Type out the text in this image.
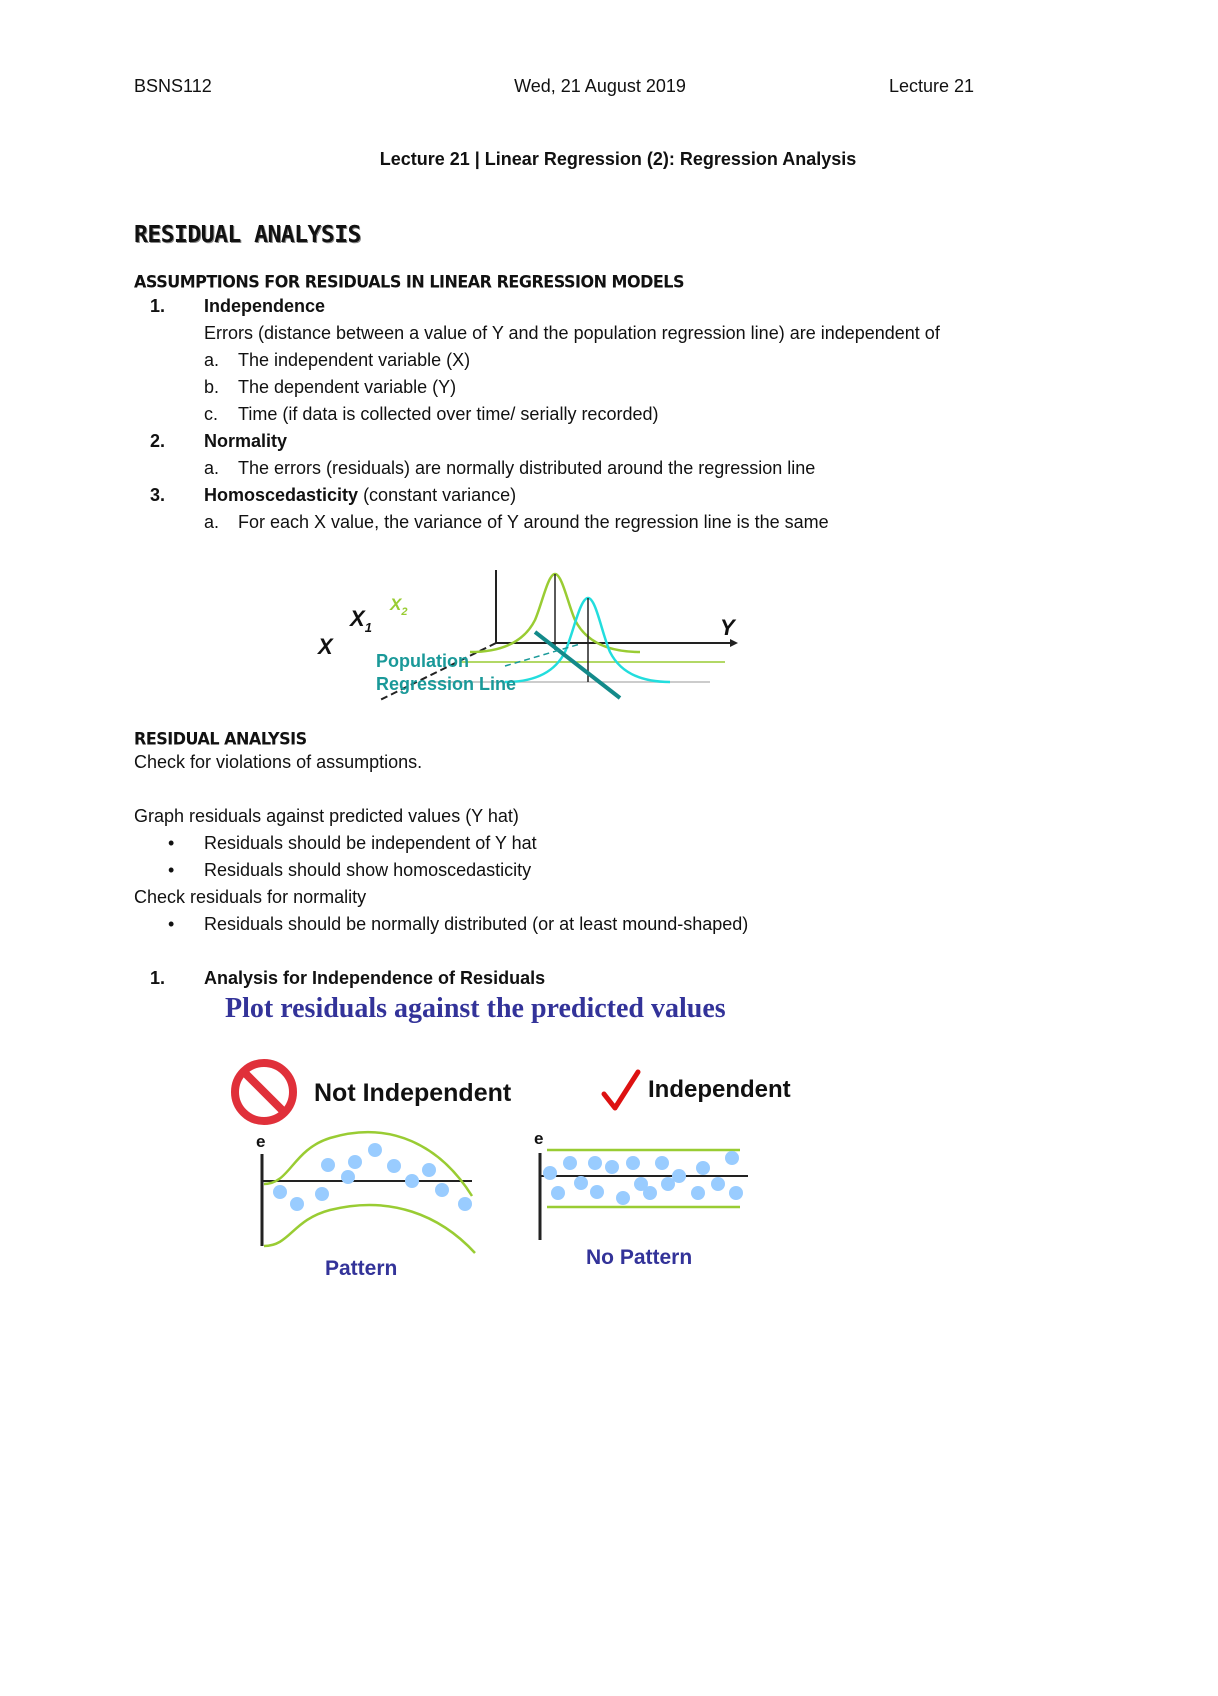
BSNS112	Wed, 21 August 2019	Lecture 21
Lecture 21 | Linear Regression (2): Regression Analysis
RESIDUAL ANALYSIS
ASSUMPTIONS FOR RESIDUALS IN LINEAR REGRESSION MODELS
1. Independence
Errors (distance between a value of Y and the population regression line) are independent of
a. The independent variable (X)
b. The dependent variable (Y)
c. Time (if data is collected over time/ serially recorded)
2. Normality
a. The errors (residuals) are normally distributed around the regression line
3. Homoscedasticity (constant variance)
a. For each X value, the variance of Y around the regression line is the same
Y
$X_1$
$X_2$
X
Population
Regression Line
RESIDUAL ANALYSIS
Check for violations of assumptions.
Graph residuals against predicted values (Y hat)
• Residuals should be independent of Y hat
• Residuals should show homoscedasticity
Check residuals for normality
• Residuals should be normally distributed (or at least mound-shaped)
1. Analysis for Independence of Residuals
Plot residuals against the predicted values
Not Independent	Independent
e
Pattern
e
No Pattern
